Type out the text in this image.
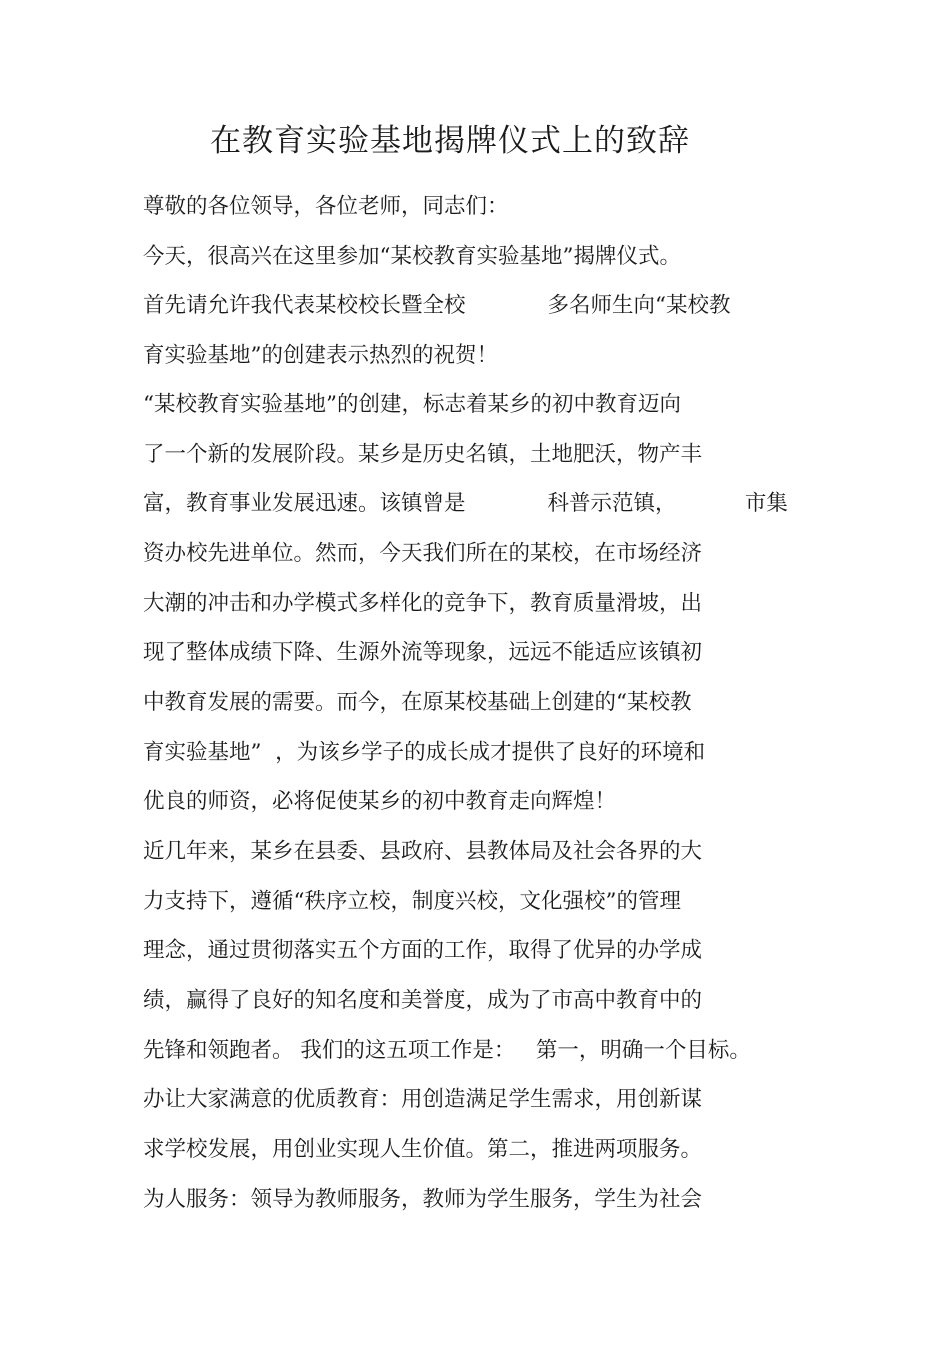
在教育实验基地揭牌仪式上的致辞
尊敬的各位领导，各位老师，同志们：
今天，很高兴在这里参加“某校教育实验基地”揭牌仪式。
首先请允许我代表某校校长暨全校            多名师生向“某校教
育实验基地”的创建表示热烈的祝贺！
“某校教育实验基地”的创建，标志着某乡的初中教育迈向
了一个新的发展阶段。某乡是历史名镇，土地肥沃，物产丰
富，教育事业发展迅速。该镇曾是            科普示范镇，          市集
资办校先进单位。然而，今天我们所在的某校，在市场经济
大潮的冲击和办学模式多样化的竞争下，教育质量滑坡，出
现了整体成绩下降、生源外流等现象，远远不能适应该镇初
中教育发展的需要。而今，在原某校基础上创建的“某校教
育实验基地”  ，为该乡学子的成长成才提供了良好的环境和
优良的师资，必将促使某乡的初中教育走向辉煌！
近几年来，某乡在县委、县政府、县教体局及社会各界的大
力支持下，遵循“秩序立校，制度兴校，文化强校”的管理
理念，通过贯彻落实五个方面的工作，取得了优异的办学成
绩，赢得了良好的知名度和美誉度，成为了市高中教育中的
先锋和领跑者。 我们的这五项工作是：   第一，明确一个目标。
办让大家满意的优质教育：用创造满足学生需求，用创新谋
求学校发展，用创业实现人生价值。第二，推进两项服务。
为人服务：领导为教师服务，教师为学生服务，学生为社会
